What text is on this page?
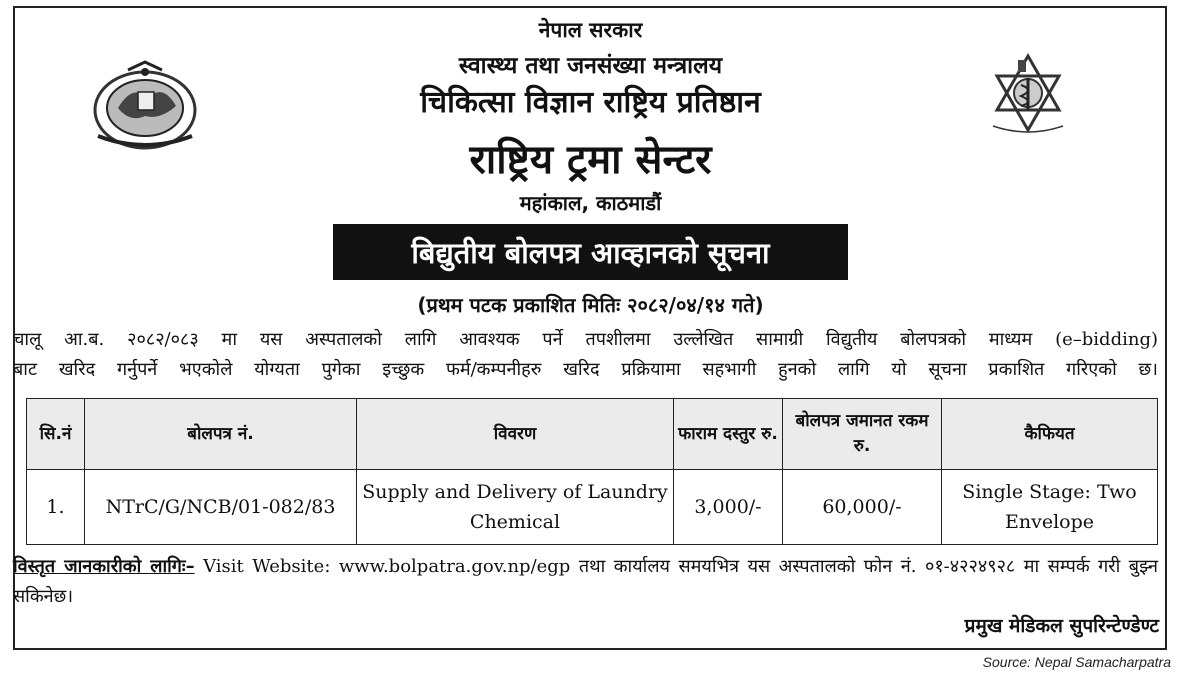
नेपाल सरकार
स्वास्थ्य तथा जनसंख्या मन्त्रालय
चिकित्सा विज्ञान राष्ट्रिय प्रतिष्ठान
राष्ट्रिय ट्रमा सेन्टर
महांकाल, काठमाडौं
बिद्युतीय बोलपत्र आव्हानको सूचना
(प्रथम पटक प्रकाशित मितिः २०८२/०४/१४ गते)
चालू आ.ब. २०८२/०८३ मा यस अस्पतालको लागि आवश्यक पर्ने तपशीलमा उल्लेखित सामाग्री विद्युतीय बोलपत्रको माध्यम (e–bidding)
बाट खरिद गर्नुपर्ने भएकोले योग्यता पुगेका इच्छुक फर्म/कम्पनीहरु खरिद प्रक्रियामा सहभागी हुनको लागि यो सूचना प्रकाशित गरिएको छ।
सि.नं	बोलपत्र नं.	विवरण	फाराम दस्तुर रु.	बोलपत्र जमानत रकम रु.	कैफियत
1.	NTrC/G/NCB/01-082/83	Supply and Delivery of Laundry Chemical	3,000/-	60,000/-	Single Stage: Two Envelope
विस्तृत जानकारीको लागिः– Visit Website: www.bolpatra.gov.np/egp तथा कार्यालय समयभित्र यस अस्पतालको फोन नं. ०१-४२२४९२८ मा सम्पर्क गरी बुझ्न सकिनेछ।
प्रमुख मेडिकल सुपरिन्टेण्डेण्ट
Source: Nepal Samacharpatra
